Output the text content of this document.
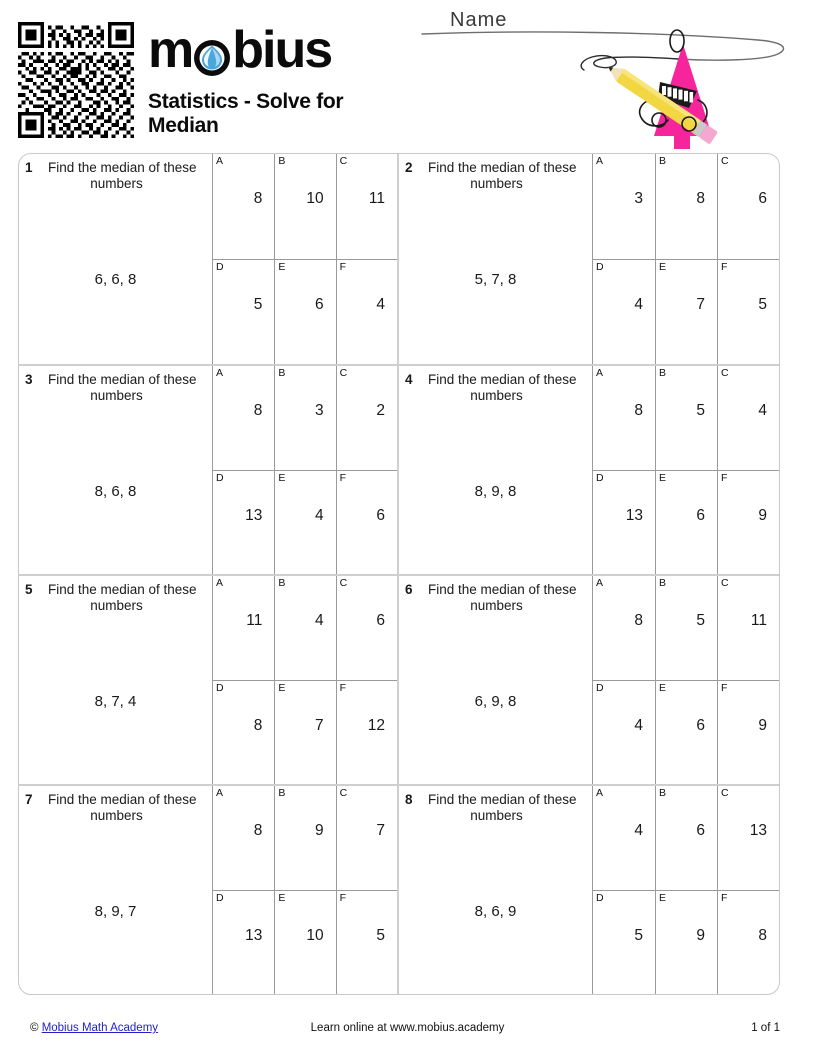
m bius
Statistics - Solve for Median
Name
1 Find the median of these numbers
6, 6, 8
A
8
B
10
C
11
D
5
E
6
F
4
2 Find the median of these numbers
5, 7, 8
A
3
B
8
C
6
D
4
E
7
F
5
3 Find the median of these numbers
8, 6, 8
A
8
B
3
C
2
D
13
E
4
F
6
4 Find the median of these numbers
8, 9, 8
A
8
B
5
C
4
D
13
E
6
F
9
5 Find the median of these numbers
8, 7, 4
A
11
B
4
C
6
D
8
E
7
F
12
6 Find the median of these numbers
6, 9, 8
A
8
B
5
C
11
D
4
E
6
F
9
7 Find the median of these numbers
8, 9, 7
A
8
B
9
C
7
D
13
E
10
F
5
8 Find the median of these numbers
8, 6, 9
A
4
B
6
C
13
D
5
E
9
F
8
© Mobius Math Academy	Learn online at www.mobius.academy	1 of 1
